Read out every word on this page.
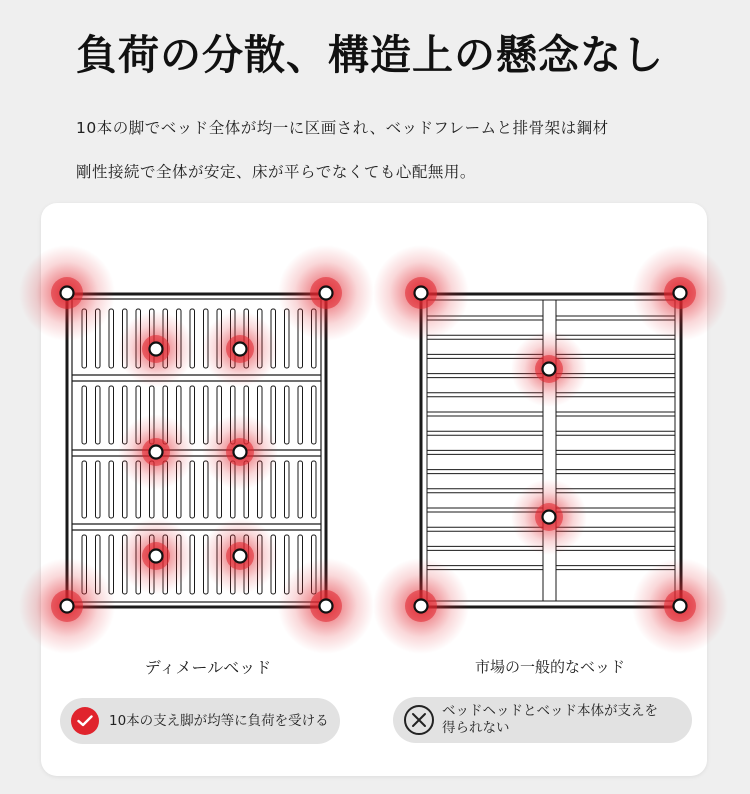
負荷の分散、構造上の懸念なし
10本の脚でベッド全体が均一に区画され、ベッドフレームと排骨架は鋼材
剛性接続で全体が安定、床が平らでなくても心配無用。
ディメールベッド	市場の一般的なベッド
10本の支え脚が均等に負荷を受ける
ベッドヘッドとベッド本体が支えを
得られない
